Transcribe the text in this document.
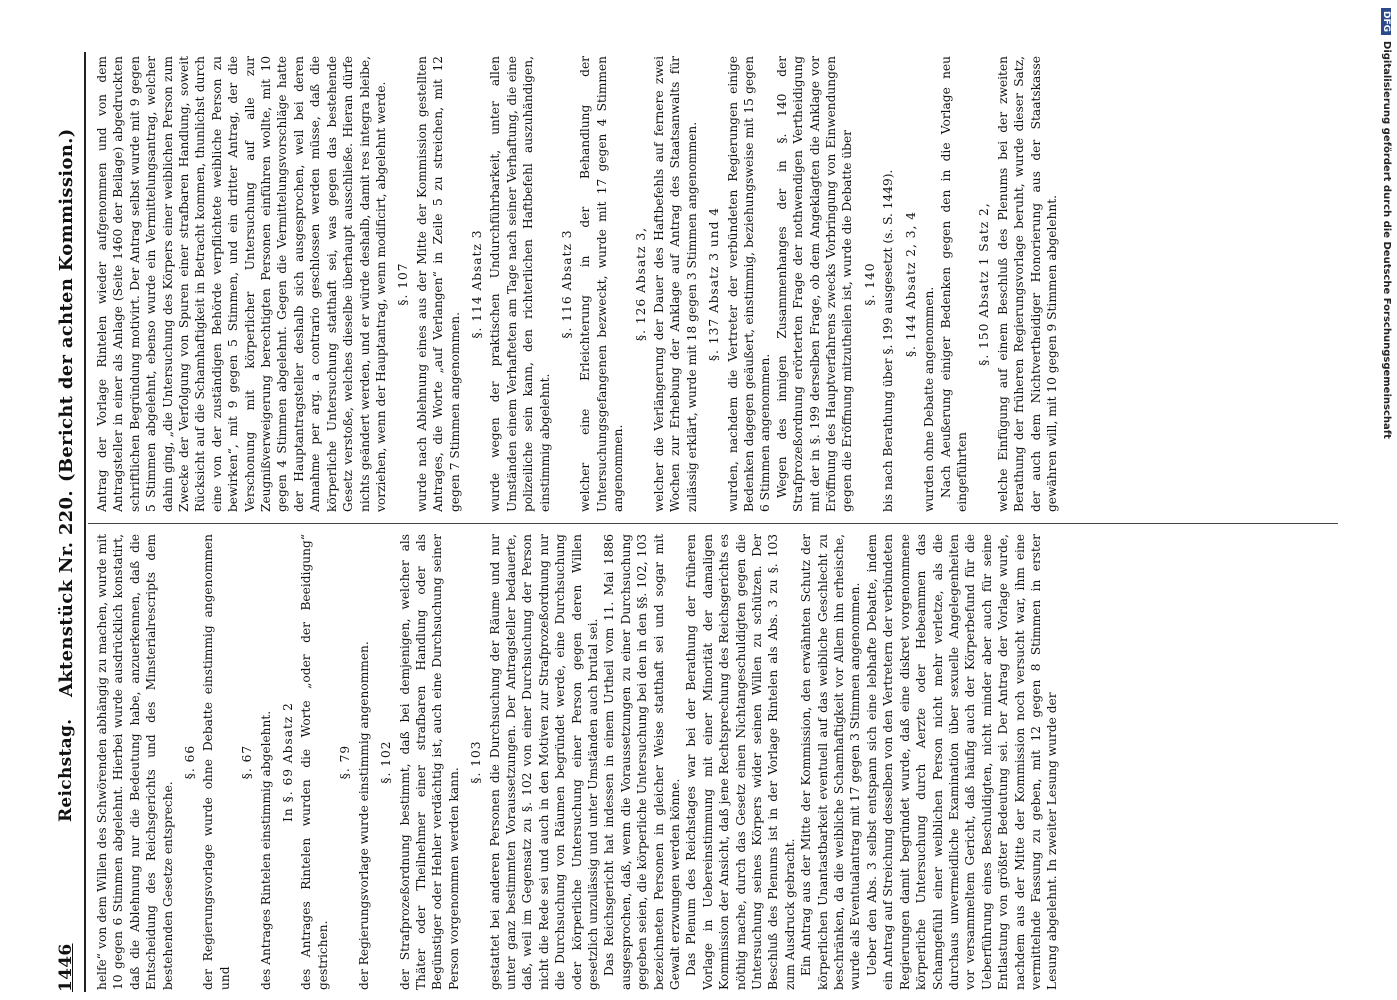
1446
Reichstag.
Aktenstück Nr. 220.
(Bericht der achten Kommission.)
helfe“ von dem Willen des Schwörenden abhängig zu machen, wurde mit 10 gegen 6 Stimmen abgelehnt. Hierbei wurde ausdrücklich konstatirt, daß die Ablehnung nur die Bedeutung habe, anzuerkennen, daß die Entscheidung des Reichsgerichts und des Minsterialrescripts dem bestehenden Gesetze entspreche.
§. 66 der Regierungsvorlage wurde ohne Debatte einstimmig angenommen und
§. 67 des Antrages Rintelen einstimmig abgelehnt. In §. 69 Absatz 2 des Antrages Rintelen wurden die Worte „oder der Beeidigung“ gestrichen.
§. 79 der Regierungsvorlage wurde einstimmig angenommen. §. 102 der Strafprozeßordnung bestimmt, daß bei demjenigen, welcher als Thäter oder Theilnehmer einer strafbaren Handlung oder als Begünstiger oder Hehler verdächtig ist, auch eine Durchsuchung seiner Person vorgenommen werden kann.
§. 103 gestattet bei anderen Personen die Durchsuchung der Räume und nur unter ganz bestimmten Voraussetzungen. Der Antragsteller bedauerte, daß, weil im Gegensatz zu §. 102 von einer Durchsuchung der Person nicht die Rede sei und auch in den Motiven zur Strafprozeßordnung nur die Durchsuchung von Räumen begründet werde, eine Durchsuchung oder körperliche Untersuchung einer Person gegen deren Willen gesetzlich unzulässig und unter Umständen auch brutal sei. Das Reichsgericht hat indessen in einem Urtheil vom 11. Mai 1886 ausgesprochen, daß, wenn die Voraussetzungen zu einer Durchsuchung gegeben seien, die körperliche Untersuchung bei den in den §§. 102, 103 bezeichneten Personen in gleicher Weise statthaft sei und sogar mit Gewalt erzwungen werden könne. Das Plenum des Reichstages war bei der Berathung der früheren Vorlage in Uebereinstimmung mit einer Minorität der damaligen Kommission der Ansicht, daß jene Rechtsprechung des Reichsgerichts es nöthig mache, durch das Gesetz einen Nichtangeschuldigten gegen die Untersuchung seines Körpers wider seinen Willen zu schützen. Der Beschluß des Plenums ist in der Vorlage Rintelen als Abs. 3 zu §. 103 zum Ausdruck gebracht. Ein Antrag aus der Mitte der Kommission, den erwähnten Schutz der körperlichen Unantastbarkeit eventuell auf das weibliche Geschlecht zu beschränken, da die weibliche Schamhaftigkeit vor Allem ihn erheische, wurde als Eventualantrag mit 17 gegen 3 Stimmen angenommen. Ueber den Abs. 3 selbst entspann sich eine lebhafte Debatte, indem ein Antrag auf Streichung desselben von den Vertretern der verbündeten Regierungen damit begründet wurde, daß eine diskret vorgenommene körperliche Untersuchung durch Aerzte oder Hebeammen das Schamgefühl einer weiblichen Person nicht mehr verletze, als die durchaus unvermeidliche Examination über sexuelle Angelegenheiten vor versammeltem Gericht, daß häufig auch der Körperbefund für die Ueberführung eines Beschuldigten, nicht minder aber auch für seine Entlastung von größter Bedeutung sei. Der Antrag der Vorlage wurde, nachdem aus der Mitte der Kommission noch versucht war, ihm eine vermittelnde Fassung zu geben, mit 12 gegen 8 Stimmen in erster Lesung abgelehnt. In zweiter Lesung wurde der
Antrag der Vorlage Rintelen wieder aufgenommen und von dem Antragsteller in einer als Anlage (Seite 1460 der Beilage) abgedruckten schriftlichen Begründung motivirt. Der Antrag selbst wurde mit 9 gegen 5 Stimmen abgelehnt, ebenso wurde ein Vermittelungsantrag, welcher dahin ging, „die Untersuchung des Körpers einer weiblichen Person zum Zwecke der Verfolgung von Spuren einer strafbaren Handlung, soweit Rücksicht auf die Schamhaftigkeit in Betracht kommen, thunlichst durch eine von der zuständigen Behörde verpflichtete weibliche Person zu bewirken“, mit 9 gegen 5 Stimmen, und ein dritter Antrag, der die Verschonung mit körperlicher Untersuchung auf alle zur Zeugnißverweigerung berechtigten Personen einführen wollte, mit 10 gegen 4 Stimmen abgelehnt. Gegen die Vermittelungsvorschläge hatte der Hauptantragsteller deshalb sich ausgesprochen, weil bei deren Annahme per arg. a contrario geschlossen werden müsse, daß die körperliche Untersuchung statthaft sei, was gegen das bestehende Gesetz verstoße, welches dieselbe überhaupt ausschließe. Hieran dürfe nichts geändert werden, und er würde deshalb, damit res integra bleibe, vorziehen, wenn der Hauptantrag, wenn modificirt, abgelehnt werde. §. 107 wurde nach Ablehnung eines aus der Mitte der Kommission gestellten Antrages, die Worte „auf Verlangen“ in Zeile 5 zu streichen, mit 12 gegen 7 Stimmen angenommen.
§. 114 Absatz 3 wurde wegen der praktischen Undurchführbarkeit, unter allen Umständen einem Verhafteten am Tage nach seiner Verhaftung, die eine polizeiliche sein kann, den richterlichen Haftbefehl auszuhändigen, einstimmig abgelehnt.
§. 116 Absatz 3 welcher eine Erleichterung in der Behandlung der Untersuchungsgefangenen bezweckt, wurde mit 17 gegen 4 Stimmen angenommen.
§. 126 Absatz 3, welcher die Verlängerung der Dauer des Haftbefehls auf fernere zwei Wochen zur Erhebung der Anklage auf Antrag des Staatsanwalts für zulässig erklärt, wurde mit 18 gegen 3 Stimmen angenommen. §. 137 Absatz 3 und 4 wurden, nachdem die Vertreter der verbündeten Regierungen einige Bedenken dagegen geäußert, einstimmig, beziehungsweise mit 15 gegen 6 Stimmen angenommen. Wegen des innigen Zusammenhanges der in §. 140 der Strafprozeßordnung erörterten Frage der nothwendigen Vertheidigung mit der in §. 199 derselben Frage, ob dem Angeklagten die Anklage vor Eröffnung des Hauptverfahrens zwecks Vorbringung von Einwendungen gegen die Eröffnung mitzutheilen ist, wurde die Debatte über §. 140 bis nach Berathung über §. 199 ausgesetzt (s. S. 1449). §. 144 Absatz 2, 3, 4
wurden ohne Debatte angenommen. Nach Aeußerung einiger Bedenken gegen den in die Vorlage neu eingeführten
§. 150 Absatz 1 Satz 2, welche Einfügung auf einem Beschluß des Plenums bei der zweiten Berathung der früheren Regierungsvorlage beruht, wurde dieser Satz, der auch dem Nichtvertheidiger Honorierung aus der Staatskasse gewähren will, mit 10 gegen 9 Stimmen abgelehnt.
DFGDigitalisierung gefördert durch die Deutsche Forschungsgemeinschaft
